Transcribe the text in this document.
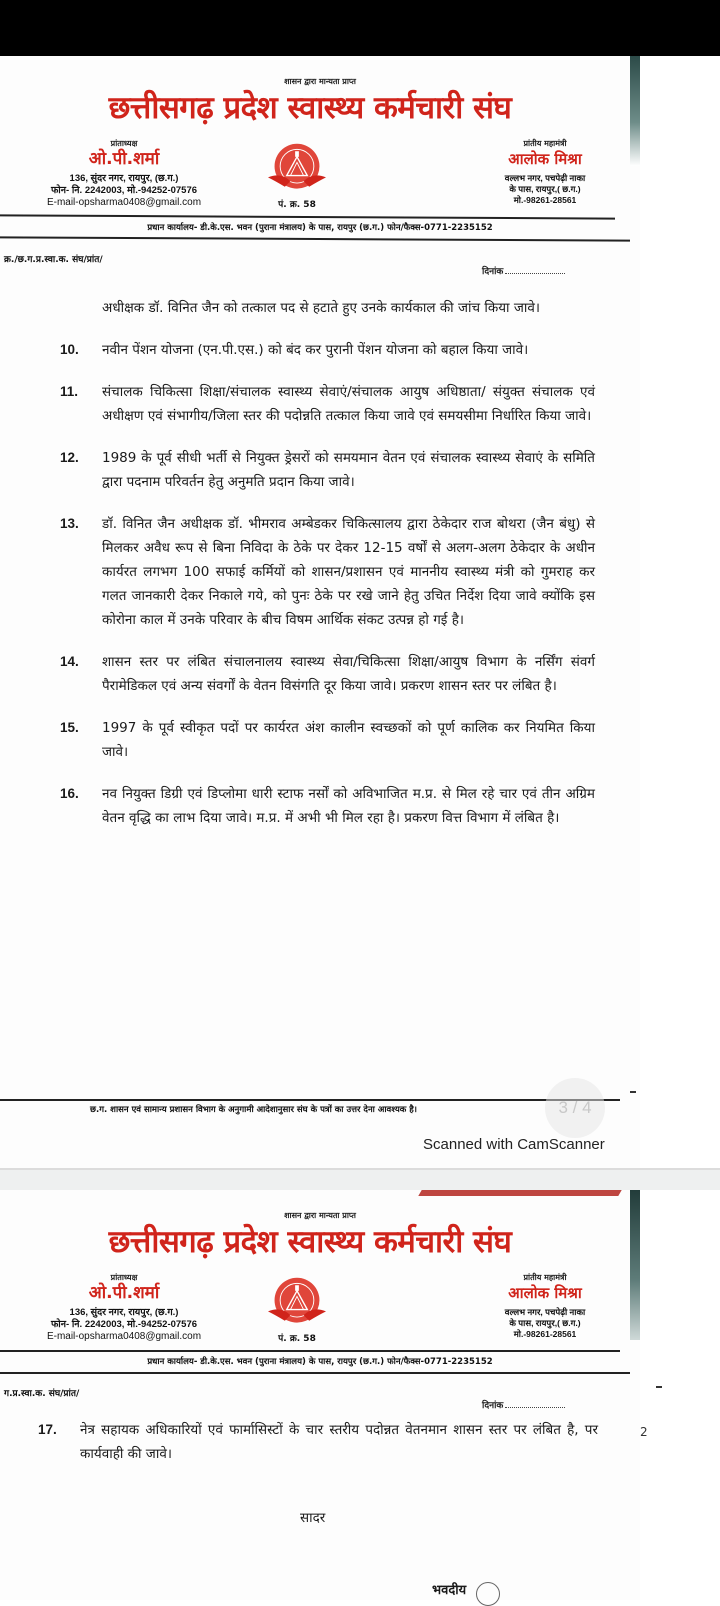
शासन द्वारा मान्यता प्राप्त
छत्तीसगढ़ प्रदेश स्वास्थ्य कर्मचारी संघ
प्रांताध्यक्ष
ओ.पी.शर्मा
136, सुंदर नगर, रायपुर, (छ.ग.)
फोन- नि. 2242003, मो.-94252-07576
E-mail-opsharma0408@gmail.com	पं. क्र. 58
प्रांतीय महामंत्री
आलोक मिश्रा
वल्लभ नगर, पचपेढ़ी नाका
के पास, रायपुर,( छ.ग.)
मो.-98261-28561
प्रधान कार्यालय- डी.के.एस. भवन (पुराना मंत्रालय) के पास, रायपुर (छ.ग.) फोन/फैक्स-0771-2235152
क्र./छ.ग.प्र.स्वा.क. संघ/प्रांत/
दिनांक
अधीक्षक डॉ. विनित जैन को तत्काल पद से हटाते हुए उनके कार्यकाल की जांच किया जावे।
10.	नवीन पेंशन योजना (एन.पी.एस.) को बंद कर पुरानी पेंशन योजना को बहाल किया जावे।
11.	संचालक चिकित्सा शिक्षा/संचालक स्वास्थ्य सेवाएं/संचालक आयुष अधिष्ठाता/ संयुक्त संचालक एवं अधीक्षण एवं संभागीय/जिला स्तर की पदोन्नति तत्काल किया जावे एवं समयसीमा निर्धारित किया जावे।
12.	1989 के पूर्व सीधी भर्ती से नियुक्त ड्रेसरों को समयमान वेतन एवं संचालक स्वास्थ्य सेवाएं के समिति द्वारा पदनाम परिवर्तन हेतु अनुमति प्रदान किया जावे।
13.	डॉ. विनित जैन अधीक्षक डॉ. भीमराव अम्बेडकर चिकित्सालय द्वारा ठेकेदार राज बोथरा (जैन बंधु) से मिलकर अवैध रूप से बिना निविदा के ठेके पर देकर 12-15 वर्षों से अलग-अलग ठेकेदार के अधीन कार्यरत लगभग 100 सफाई कर्मियों को शासन/प्रशासन एवं माननीय स्वास्थ्य मंत्री को गुमराह कर गलत जानकारी देकर निकाले गये, को पुनः ठेके पर रखे जाने हेतु उचित निर्देश दिया जावे क्योंकि इस कोरोना काल में उनके परिवार के बीच विषम आर्थिक संकट उत्पन्न हो गई है।
14.	शासन स्तर पर लंबित संचालनालय स्वास्थ्य सेवा/चिकित्सा शिक्षा/आयुष विभाग के नर्सिंग संवर्ग पैरामेडिकल एवं अन्य संवर्गों के वेतन विसंगति दूर किया जावे। प्रकरण शासन स्तर पर लंबित है।
15.	1997 के पूर्व स्वीकृत पदों पर कार्यरत अंश कालीन स्वच्छकों को पूर्ण कालिक कर नियमित किया जावे।
16.	नव नियुक्त डिग्री एवं डिप्लोमा धारी स्टाफ नर्सों को अविभाजित म.प्र. से मिल रहे चार एवं तीन अग्रिम वेतन वृद्धि का लाभ दिया जावे। म.प्र. में अभी भी मिल रहा है। प्रकरण वित्त विभाग में लंबित है।
छ.ग. शासन एवं सामान्य प्रशासन विभाग के अनुगामी आदेशानुसार संघ के पत्रों का उत्तर देना आवश्यक है।	3 / 4
Scanned with CamScanner
शासन द्वारा मान्यता प्राप्त
छत्तीसगढ़ प्रदेश स्वास्थ्य कर्मचारी संघ
प्रांताध्यक्ष
ओ.पी.शर्मा
136, सुंदर नगर, रायपुर, (छ.ग.)
फोन- नि. 2242003, मो.-94252-07576
E-mail-opsharma0408@gmail.com	पं. क्र. 58
प्रांतीय महामंत्री
आलोक मिश्रा
वल्लभ नगर, पचपेढ़ी नाका
के पास, रायपुर,( छ.ग.)
मो.-98261-28561
प्रधान कार्यालय- डी.के.एस. भवन (पुराना मंत्रालय) के पास, रायपुर (छ.ग.) फोन/फैक्स-0771-2235152
ग.प्र.स्वा.क. संघ/प्रांत/
दिनांक
17.	नेत्र सहायक अधिकारियों एवं फार्मासिस्टों के चार स्तरीय पदोन्नत वेतनमान शासन स्तर पर लंबित है, पर कार्यवाही की जावे।
2
सादर
भवदीय
